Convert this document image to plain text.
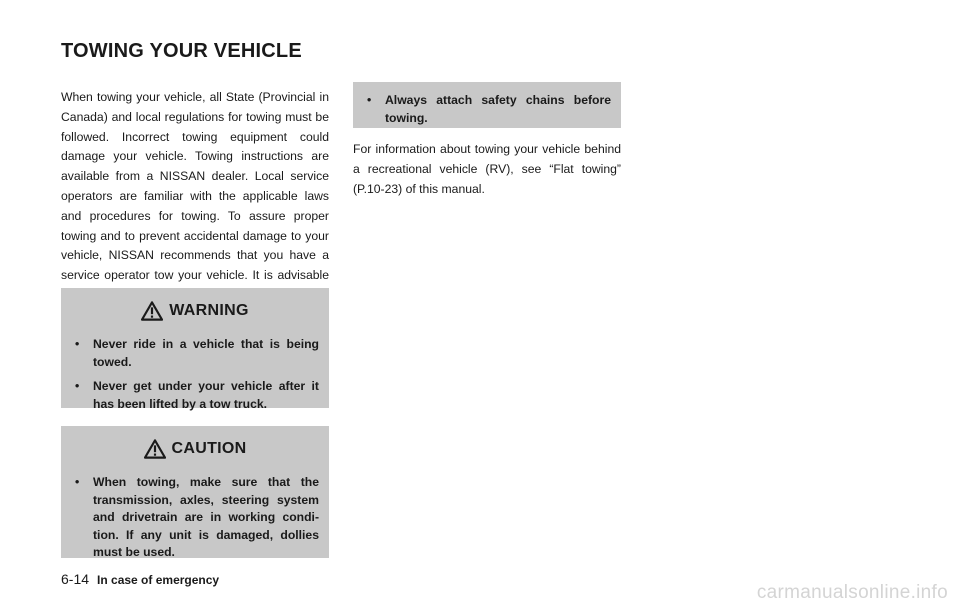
TOWING YOUR VEHICLE

When towing your vehicle, all State (Provincial in Canada) and local regulations for towing must be followed. Incorrect towing equipment could damage your vehicle. Towing instructions are available from a NISSAN dealer. Local service operators are familiar with the applicable laws and procedures for towing. To assure proper towing and to prevent accidental damage to your vehicle, NISSAN recommends that you have a service operator tow your vehicle. It is advisable

WARNING
•	Never ride in a vehicle that is being towed.
•	Never get under your vehicle after it has been lifted by a tow truck.
CAUTION
•	When towing, make sure that the transmission, axles, steering system and drivetrain are in working condi-tion. If any unit is damaged, dollies must be used.
•	Always attach safety chains before towing.

For information about towing your vehicle behind a recreational vehicle (RV), see “Flat towing” (P.10-23) of this manual.

6-14 In case of emergency
carmanualsonline.info
